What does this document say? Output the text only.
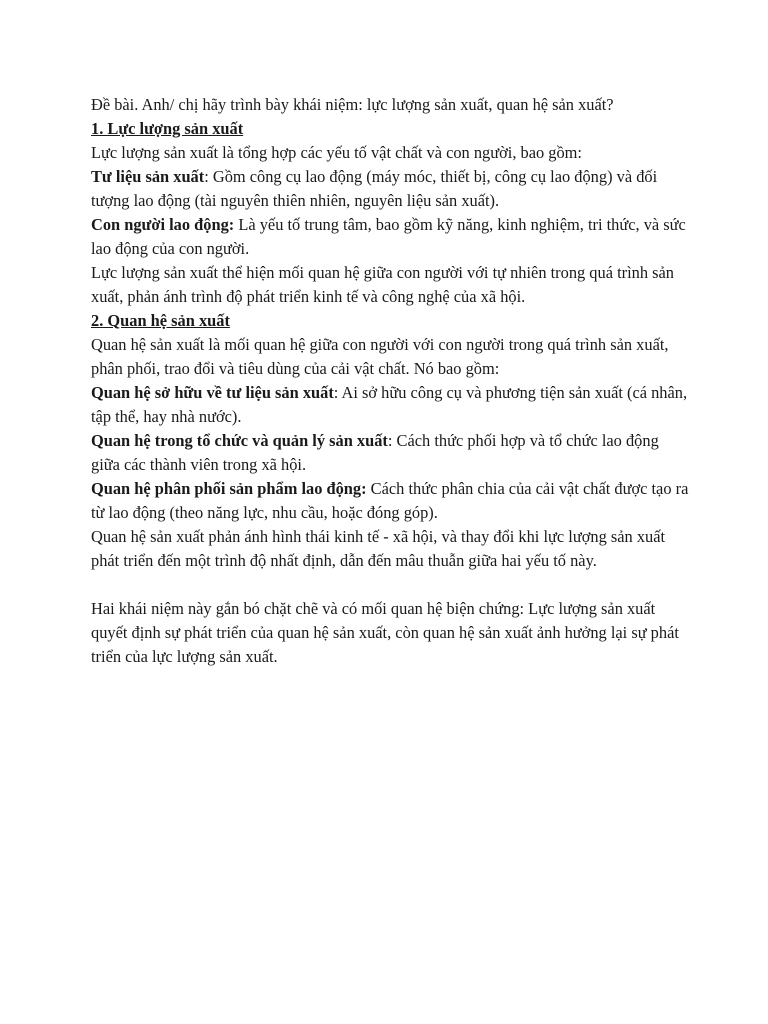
Đề bài. Anh/ chị hãy trình bày khái niệm: lực lượng sản xuất, quan hệ sản xuất?

1. Lực lượng sản xuất

Lực lượng sản xuất là tổng hợp các yếu tố vật chất và con người, bao gồm:

Tư liệu sản xuất: Gồm công cụ lao động (máy móc, thiết bị, công cụ lao động) và đối tượng lao động (tài nguyên thiên nhiên, nguyên liệu sản xuất).

Con người lao động: Là yếu tố trung tâm, bao gồm kỹ năng, kinh nghiệm, tri thức, và sức lao động của con người.

Lực lượng sản xuất thể hiện mối quan hệ giữa con người với tự nhiên trong quá trình sản xuất, phản ánh trình độ phát triển kinh tế và công nghệ của xã hội.

2. Quan hệ sản xuất

Quan hệ sản xuất là mối quan hệ giữa con người với con người trong quá trình sản xuất, phân phối, trao đổi và tiêu dùng của cải vật chất. Nó bao gồm:

Quan hệ sở hữu về tư liệu sản xuất: Ai sở hữu công cụ và phương tiện sản xuất (cá nhân, tập thể, hay nhà nước).

Quan hệ trong tổ chức và quản lý sản xuất: Cách thức phối hợp và tổ chức lao động giữa các thành viên trong xã hội.

Quan hệ phân phối sản phẩm lao động: Cách thức phân chia của cải vật chất được tạo ra từ lao động (theo năng lực, nhu cầu, hoặc đóng góp).

Quan hệ sản xuất phản ánh hình thái kinh tế - xã hội, và thay đổi khi lực lượng sản xuất phát triển đến một trình độ nhất định, dẫn đến mâu thuẫn giữa hai yếu tố này.

Hai khái niệm này gắn bó chặt chẽ và có mối quan hệ biện chứng: Lực lượng sản xuất quyết định sự phát triển của quan hệ sản xuất, còn quan hệ sản xuất ảnh hưởng lại sự phát triển của lực lượng sản xuất.
